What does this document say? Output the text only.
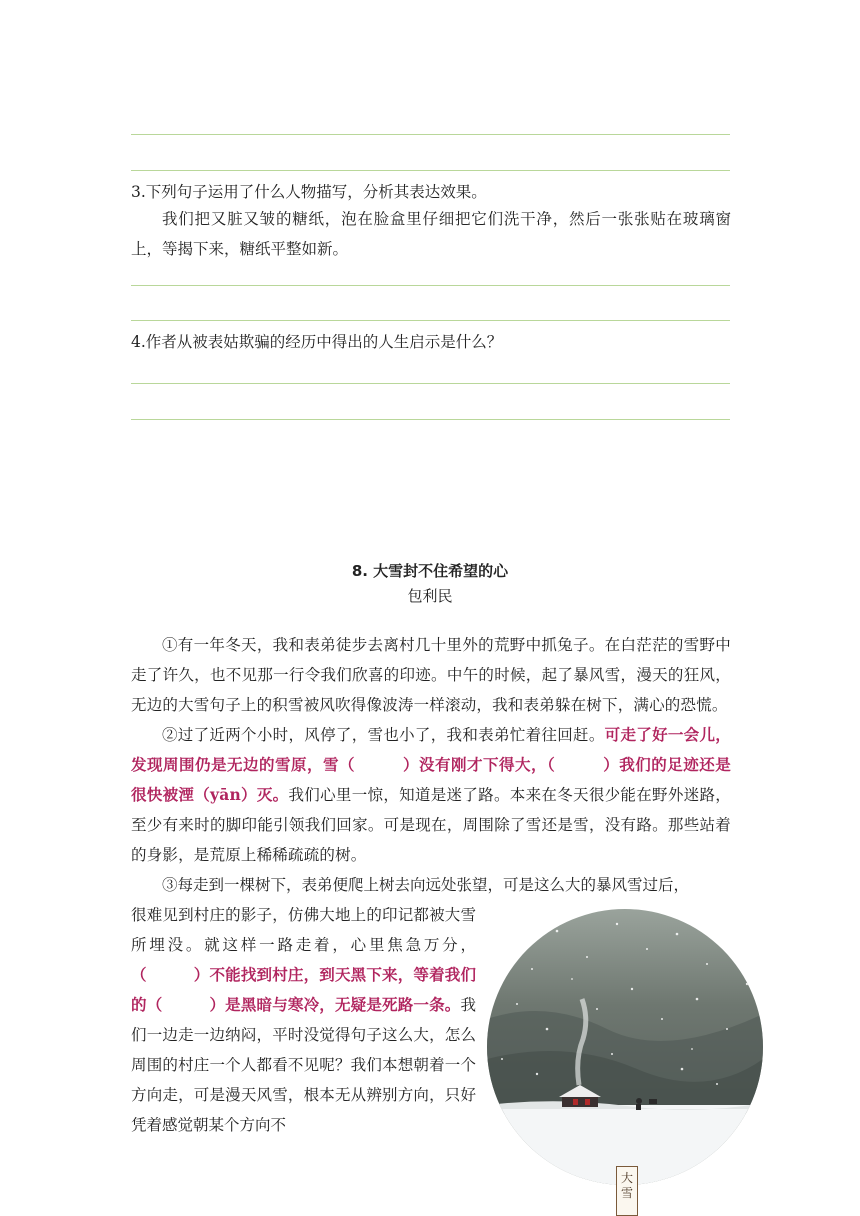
3.下列句子运用了什么人物描写，分析其表达效果。
我们把又脏又皱的糖纸，泡在脸盒里仔细把它们洗干净，然后一张张贴在玻璃窗上，等揭下来，糖纸平整如新。
4.作者从被表姑欺骗的经历中得出的人生启示是什么？
8. 大雪封不住希望的心
包利民
①有一年冬天，我和表弟徒步去离村几十里外的荒野中抓兔子。在白茫茫的雪野中走了许久，也不见那一行令我们欣喜的印迹。中午的时候，起了暴风雪，漫天的狂风，无边的大雪句子上的积雪被风吹得像波涛一样滚动，我和表弟躲在树下，满心的恐慌。
②过了近两个小时，风停了，雪也小了，我和表弟忙着往回赶。可走了好一会儿，发现周围仍是无边的雪原，雪（　　　）没有刚才下得大，（　　　）我们的足迹还是很快被湮（yān）灭。我们心里一惊，知道是迷了路。本来在冬天很少能在野外迷路，至少有来时的脚印能引领我们回家。可是现在，周围除了雪还是雪，没有路。那些站着的身影，是荒原上稀稀疏疏的树。
③每走到一棵树下，表弟便爬上树去向远处张望，可是这么大的暴风雪过后，
很难见到村庄的影子，仿佛大地上的印记都被大雪所埋没。就这样一路走着，心里焦急万分，（　　　）不能找到村庄，到天黑下来，等着我们的（　　　）是黑暗与寒冷，无疑是死路一条。我们一边走一边纳闷，平时没觉得句子这么大，怎么周围的村庄一个人都看不见呢？我们本想朝着一个方向走，可是漫天风雪，根本无从辨别方向，只好凭着感觉朝某个方向不
大雪
